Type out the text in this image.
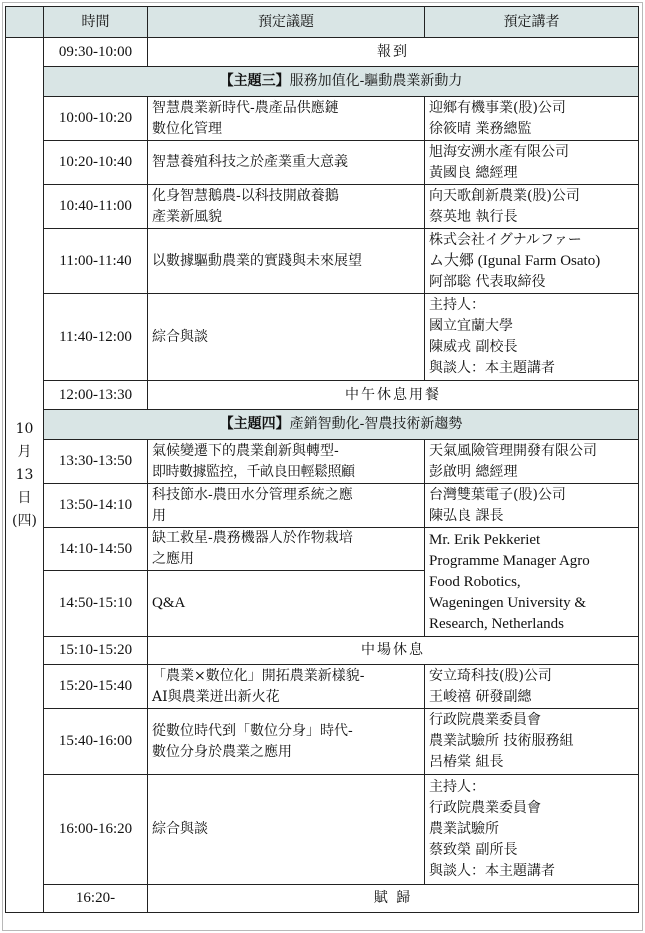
	時間	預定議題	預定講者

10
月
13
日
(四)	09:30-10:00	報到	
	【主題三】服務加值化-驅動農業新動力		
	10:00-10:20	智慧農業新時代-農產品供應鏈
數位化管理	迎鄉有機事業(股)公司
徐筱晴 業務總監

	10:20-10:40	智慧養殖科技之於產業重大意義	旭海安溯水產有限公司
黃國良 總經理

	10:40-11:00	化身智慧鵝農-以科技開啟養鵝
產業新風貌	向天歌創新農業(股)公司
蔡英地 執行長

	11:00-11:40	以數據驅動農業的實踐與未來展望	株式会社イグナルファー
ム大郷 (Igunal Farm Osato)
阿部聡 代表取締役

	11:40-12:00	綜合與談	主持人：
國立宜蘭大學
陳威戎 副校長
與談人：本主題講者

	12:00-13:30	中午休息用餐	
	【主題四】產銷智動化-智農技術新趨勢		
	13:30-13:50	氣候變遷下的農業創新與轉型-
即時數據監控，千畝良田輕鬆照顧	天氣風險管理開發有限公司
彭啟明 總經理

	13:50-14:10	科技節水-農田水分管理系統之應
用	台灣雙葉電子(股)公司
陳弘良 課長

	14:10-14:50	缺工救星-農務機器人於作物栽培
之應用	Mr. Erik Pekkeriet
Programme Manager Agro
Food Robotics,
Wageningen University &
Research, Netherlands

	14:50-15:10	Q&A	
	15:10-15:20	中場休息	
	15:20-15:40	「農業×數位化」開拓農業新樣貌-
AI與農業迸出新火花	安立琦科技(股)公司
王峻禧 研發副總

	15:40-16:00	從數位時代到「數位分身」時代-
數位分身於農業之應用	行政院農業委員會
農業試驗所 技術服務組
呂椿棠 組長

	16:00-16:20	綜合與談	主持人：
行政院農業委員會
農業試驗所
蔡致榮 副所長
與談人：本主題講者

	16:20-	賦 歸	
